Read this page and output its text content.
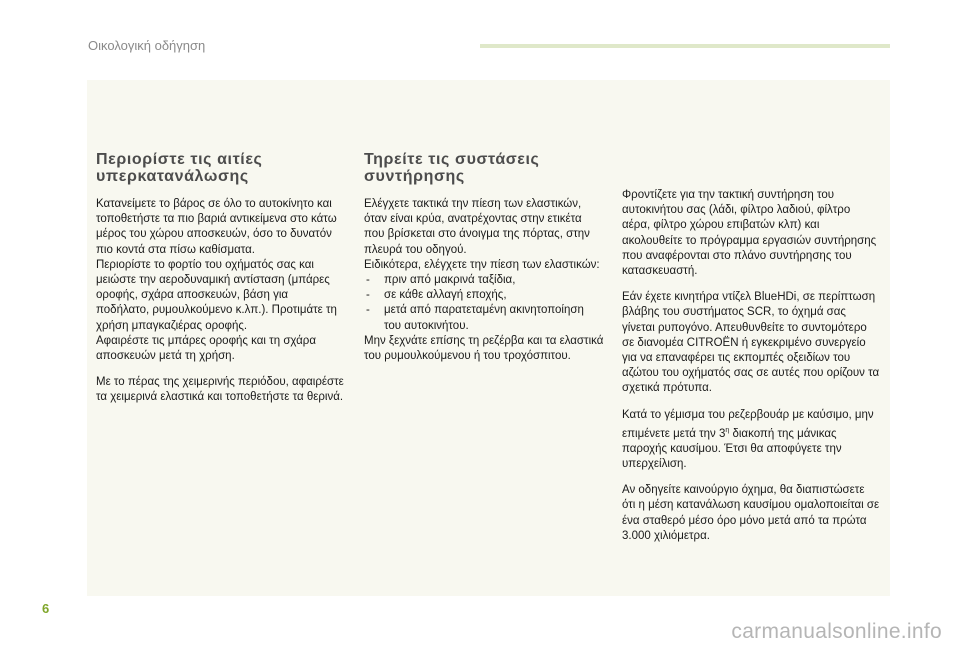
Οικολογική οδήγηση
Περιορίστε τις αιτίες υπερκατανάλωσης

Κατανείμετε το βάρος σε όλο το αυτοκίνητο και τοποθετήστε τα πιο βαριά αντικείμενα στο κάτω μέρος του χώρου αποσκευών, όσο το δυνατόν πιο κοντά στα πίσω καθίσματα.
Περιορίστε το φορτίο του οχήματός σας και μειώστε την αεροδυναμική αντίσταση (μπάρες οροφής, σχάρα αποσκευών, βάση για ποδήλατο, ρυμουλκούμενο κ.λπ.). Προτιμάτε τη χρήση μπαγκαζιέρας οροφής.
Αφαιρέστε τις μπάρες οροφής και τη σχάρα αποσκευών μετά τη χρήση.

Με το πέρας της χειμερινής περιόδου, αφαιρέστε τα χειμερινά ελαστικά και τοποθετήστε τα θερινά.

Τηρείτε τις συστάσεις συντήρησης
Ελέγχετε τακτικά την πίεση των ελαστικών, όταν είναι κρύα, ανατρέχοντας στην ετικέτα που βρίσκεται στο άνοιγμα της πόρτας, στην πλευρά του οδηγού.
Ειδικότερα, ελέγχετε την πίεση των ελαστικών:
- πριν από μακρινά ταξίδια,
- σε κάθε αλλαγή εποχής,
- μετά από παρατεταμένη ακινητοποίηση του αυτοκινήτου.
Μην ξεχνάτε επίσης τη ρεζέρβα και τα ελαστικά του ρυμουλκούμενου ή του τροχόσπιτου.

Φροντίζετε για την τακτική συντήρηση του αυτοκινήτου σας (λάδι, φίλτρο λαδιού, φίλτρο αέρα, φίλτρο χώρου επιβατών κλπ) και ακολουθείτε το πρόγραμμα εργασιών συντήρησης που αναφέρονται στο πλάνο συντήρησης του κατασκευαστή.

Εάν έχετε κινητήρα ντίζελ BlueHDi, σε περίπτωση βλάβης του συστήματος SCR, το όχημά σας γίνεται ρυπογόνο. Απευθυνθείτε το συντομότερο σε διανομέα CITROËN ή εγκεκριμένο συνεργείο για να επαναφέρει τις εκπομπές οξειδίων του αζώτου του οχήματός σας σε αυτές που ορίζουν τα σχετικά πρότυπα.

Κατά το γέμισμα του ρεζερβουάρ με καύσιμο, μην επιμένετε μετά την $3^\eta$ διακοπή της μάνικας παροχής καυσίμου. Έτσι θα αποφύγετε την υπερχείλιση.

Αν οδηγείτε καινούργιο όχημα, θα διαπιστώσετε ότι η μέση κατανάλωση καυσίμου ομαλοποιείται σε ένα σταθερό μέσο όρο μόνο μετά από τα πρώτα 3.000 χιλιόμετρα.

6
carmanualsonline.info
